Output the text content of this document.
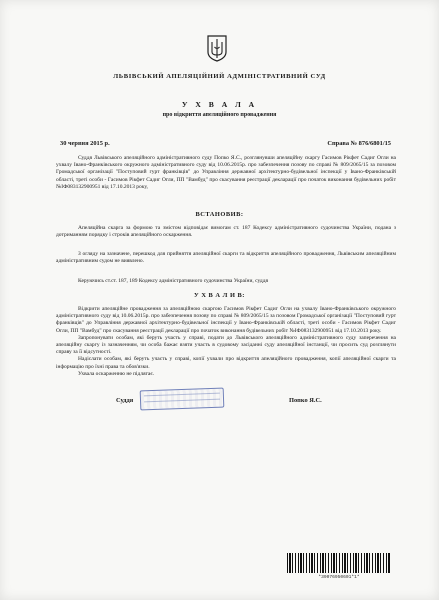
ЛЬВІВСЬКИЙ АПЕЛЯЦІЙНИЙ АДМІНІСТРАТИВНИЙ СУД
У Х В А Л А
про відкриття апеляційного провадження
30 червня 2015 р.	Справа № 876/6801/15

Суддя Львівського апеляційного адміністративного суду Попко Я.С., розглянувши апеляційну скаргу Гасимов Рікфет Садиг Огли на ухвалу Івано-Франківського окружного адміністративного суду від 10.06.2015р. про забезпечення позову по справі № 809/2065/15 за позовом Громадської організації "Поступовий гурт франківців" до Управління державної архітектурно-будівельної інспекції у Івано-Франківській області, треті особи - Гасимов Рікфет Садиг Огли, ПП "Вамбуд" про скасування реєстрації декларації про початок виконання будівельних робіт №ІФ083132900951 від 17.10.2013 року,

ВСТАНОВИВ:

Апеляційна скарга за формою та змістом відповідає вимогам ст. 187 Кодексу адміністративного судочинства України, подана з дотриманням порядку і строків апеляційного оскарження.

З огляду на зазначене, перешкод для прийняття апеляційної скарги та відкриття апеляційного провадження, Львівським апеляційним адміністративним судом не виявлено.

Керуючись ст.ст. 187, 189 Кодексу адміністративного судочинства України, суддя

У Х В А Л И В:

Відкрити апеляційне провадження за апеляційною скаргою Гасимов Рікфет Садиг Огли на ухвалу Івано-Франківського окружного адміністративного суду від 10.06.2015р. про забезпечення позову по справі № 809/2065/15 за позовом Громадської організації "Поступовий гурт франківців" до Управління державної архітектурно-будівельної інспекції у Івано-Франківській області, треті особи - Гасимов Рікфет Садиг Огли, ПП "Вамбуд" про скасування реєстрації декларації про початок виконання будівельних робіт №ІФ083132900951 від 17.10.2013 року.

Запропонувати особам, які беруть участь у справі, подати до Львівського апеляційного адміністративного суду заперечення на апеляційну скаргу із зазначенням, чи особа бажає взяти участь в судовому засіданні суду апеляційної інстанції, чи просить суд розглянути справу за її відсутності.

Надіслати особам, які беруть участь у справі, копії ухвали про відкриття апеляційного провадження, копії апеляційної скарги та інформацію про їхні права та обов'язки.

Ухвала оскарженню не підлягає.

Суддя	Попко Я.С.
*39076950601*1*
